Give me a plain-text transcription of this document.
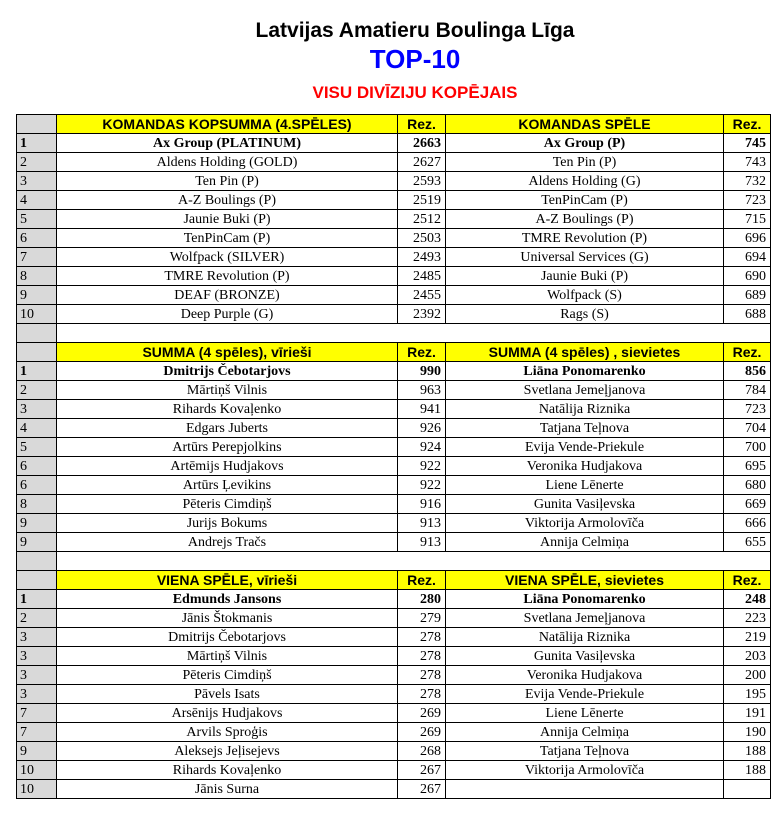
Latvijas Amatieru Boulinga Līga
TOP-10
VISU DIVĪZIJU KOPĒJAIS
	KOMANDAS KOPSUMMA (4.SPĒLES)	Rez.	KOMANDAS SPĒLE	Rez.
1	Ax Group (PLATINUM)	2663	Ax Group (P)	745
2	Aldens Holding (GOLD)	2627	Ten Pin (P)	743
3	Ten Pin (P)	2593	Aldens Holding (G)	732
4	A-Z Boulings (P)	2519	TenPinCam (P)	723
5	Jaunie Buki (P)	2512	A-Z Boulings (P)	715
6	TenPinCam (P)	2503	TMRE Revolution (P)	696
7	Wolfpack (SILVER)	2493	Universal Services (G)	694
8	TMRE Revolution (P)	2485	Jaunie Buki (P)	690
9	DEAF (BRONZE)	2455	Wolfpack (S)	689
10	Deep Purple (G)	2392	Rags (S)	688

	SUMMA (4 spēles), vīrieši	Rez.	SUMMA (4 spēles) , sievietes	Rez.
1	Dmitrijs Čebotarjovs	990	Liāna Ponomarenko	856
2	Mārtiņš Vilnis	963	Svetlana Jemeļjanova	784
3	Rihards Kovaļenko	941	Natālija Riznika	723
4	Edgars Juberts	926	Tatjana Teļnova	704
5	Artūrs Perepjolkins	924	Evija Vende-Priekule	700
6	Artēmijs Hudjakovs	922	Veronika Hudjakova	695
6	Artūrs Ļevikins	922	Liene Lēnerte	680
8	Pēteris Cimdiņš	916	Gunita Vasiļevska	669
9	Jurijs Bokums	913	Viktorija Armolovīča	666
9	Andrejs Tračs	913	Annija Celmiņa	655

	VIENA SPĒLE, vīrieši	Rez.	VIENA SPĒLE, sievietes	Rez.
1	Edmunds Jansons	280	Liāna Ponomarenko	248
2	Jānis Štokmanis	279	Svetlana Jemeļjanova	223
3	Dmitrijs Čebotarjovs	278	Natālija Riznika	219
3	Mārtiņš Vilnis	278	Gunita Vasiļevska	203
3	Pēteris Cimdiņš	278	Veronika Hudjakova	200
3	Pāvels Isats	278	Evija Vende-Priekule	195
7	Arsēnijs Hudjakovs	269	Liene Lēnerte	191
7	Arvils Sproģis	269	Annija Celmiņa	190
9	Aleksejs Jeļisejevs	268	Tatjana Teļnova	188
10	Rihards Kovaļenko	267	Viktorija Armolovīča	188
10	Jānis Surna	267		
